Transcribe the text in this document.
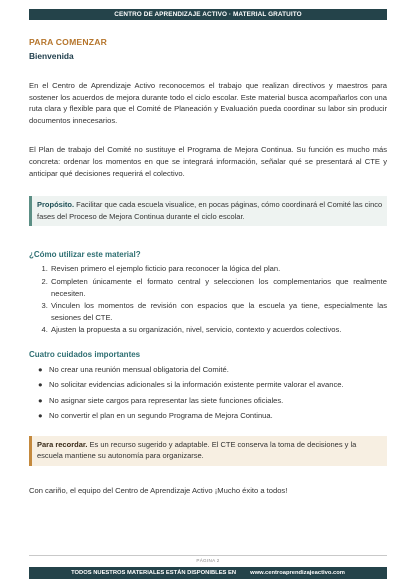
CENTRO DE APRENDIZAJE ACTIVO · MATERIAL GRATUITO
PARA COMENZAR
Bienvenida

En el Centro de Aprendizaje Activo reconocemos el trabajo que realizan directivos y maestros para sostener los acuerdos de mejora durante todo el ciclo escolar. Este material busca acompañarlos con una ruta clara y flexible para que el Comité de Planeación y Evaluación pueda coordinar su labor sin producir documentos innecesarios.

El Plan de trabajo del Comité no sustituye el Programa de Mejora Continua. Su función es mucho más concreta: ordenar los momentos en que se integrará información, señalar qué se presentará al CTE y anticipar qué decisiones requerirá el colectivo.

Propósito. Facilitar que cada escuela visualice, en pocas páginas, cómo coordinará el Comité las cinco fases del Proceso de Mejora Continua durante el ciclo escolar.
¿Cómo utilizar este material?
1. Revisen primero el ejemplo ficticio para reconocer la lógica del plan.
2. Completen únicamente el formato central y seleccionen los complementarios que realmente necesiten.
3. Vinculen los momentos de revisión con espacios que la escuela ya tiene, especialmente las sesiones del CTE.
4. Ajusten la propuesta a su organización, nivel, servicio, contexto y acuerdos colectivos.
Cuatro cuidados importantes
● No crear una reunión mensual obligatoria del Comité.
● No solicitar evidencias adicionales si la información existente permite valorar el avance.
● No asignar siete cargos para representar las siete funciones oficiales.
● No convertir el plan en un segundo Programa de Mejora Continua.
Para recordar. Es un recurso sugerido y adaptable. El CTE conserva la toma de decisiones y la escuela mantiene su autonomía para organizarse.

Con cariño, el equipo del Centro de Aprendizaje Activo ¡Mucho éxito a todos!

PÁGINA 2
TODOS NUESTROS MATERIALES ESTÁN DISPONIBLES EN www.centroaprendizajeactivo.com
